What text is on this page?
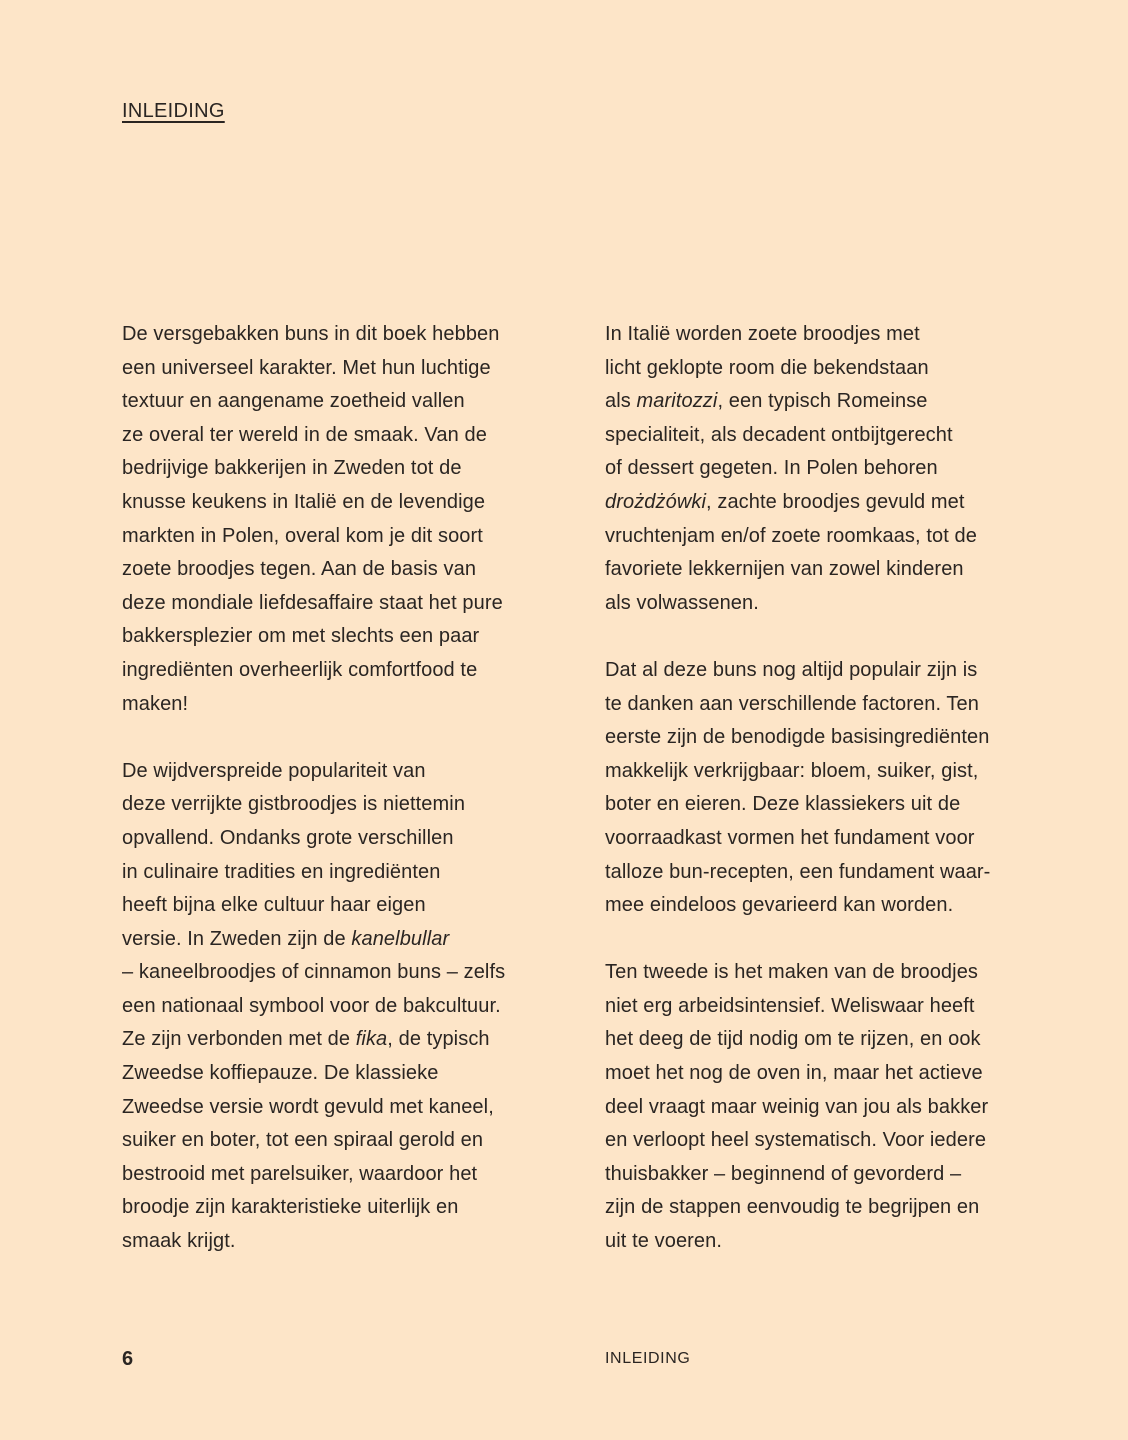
INLEIDING

De versgebakken buns in dit boek hebben
een universeel karakter. Met hun luchtige
textuur en aangename zoetheid vallen
ze overal ter wereld in de smaak. Van de
bedrijvige bakkerijen in Zweden tot de
knusse keukens in Italië en de levendige
markten in Polen, overal kom je dit soort
zoete broodjes tegen. Aan de basis van
deze mondiale liefdesaffaire staat het pure
bakkersplezier om met slechts een paar
ingrediënten overheerlijk comfortfood te
maken!

De wijdverspreide populariteit van
deze verrijkte gistbroodjes is niettemin
opvallend. Ondanks grote verschillen
in culinaire tradities en ingrediënten
heeft bijna elke cultuur haar eigen
versie. In Zweden zijn de kanelbullar
– kaneelbroodjes of cinnamon buns – zelfs
een nationaal symbool voor de bakcultuur.
Ze zijn verbonden met de fika, de typisch
Zweedse koffiepauze. De klassieke
Zweedse versie wordt gevuld met kaneel,
suiker en boter, tot een spiraal gerold en
bestrooid met parelsuiker, waardoor het
broodje zijn karakteristieke uiterlijk en
smaak krijgt.

In Italië worden zoete broodjes met
licht geklopte room die bekendstaan
als maritozzi, een typisch Romeinse
specialiteit, als decadent ontbijtgerecht
of dessert gegeten. In Polen behoren
drożdżówki, zachte broodjes gevuld met
vruchtenjam en/of zoete roomkaas, tot de
favoriete lekkernijen van zowel kinderen
als volwassenen.

Dat al deze buns nog altijd populair zijn is
te danken aan verschillende factoren. Ten
eerste zijn de benodigde basisingrediënten
makkelijk verkrijgbaar: bloem, suiker, gist,
boter en eieren. Deze klassiekers uit de
voorraadkast vormen het fundament voor
talloze bun-recepten, een fundament waar-
mee eindeloos gevarieerd kan worden.

Ten tweede is het maken van de broodjes
niet erg arbeidsintensief. Weliswaar heeft
het deeg de tijd nodig om te rijzen, en ook
moet het nog de oven in, maar het actieve
deel vraagt maar weinig van jou als bakker
en verloopt heel systematisch. Voor iedere
thuisbakker – beginnend of gevorderd –
zijn de stappen eenvoudig te begrijpen en
uit te voeren.

6	INLEIDING
